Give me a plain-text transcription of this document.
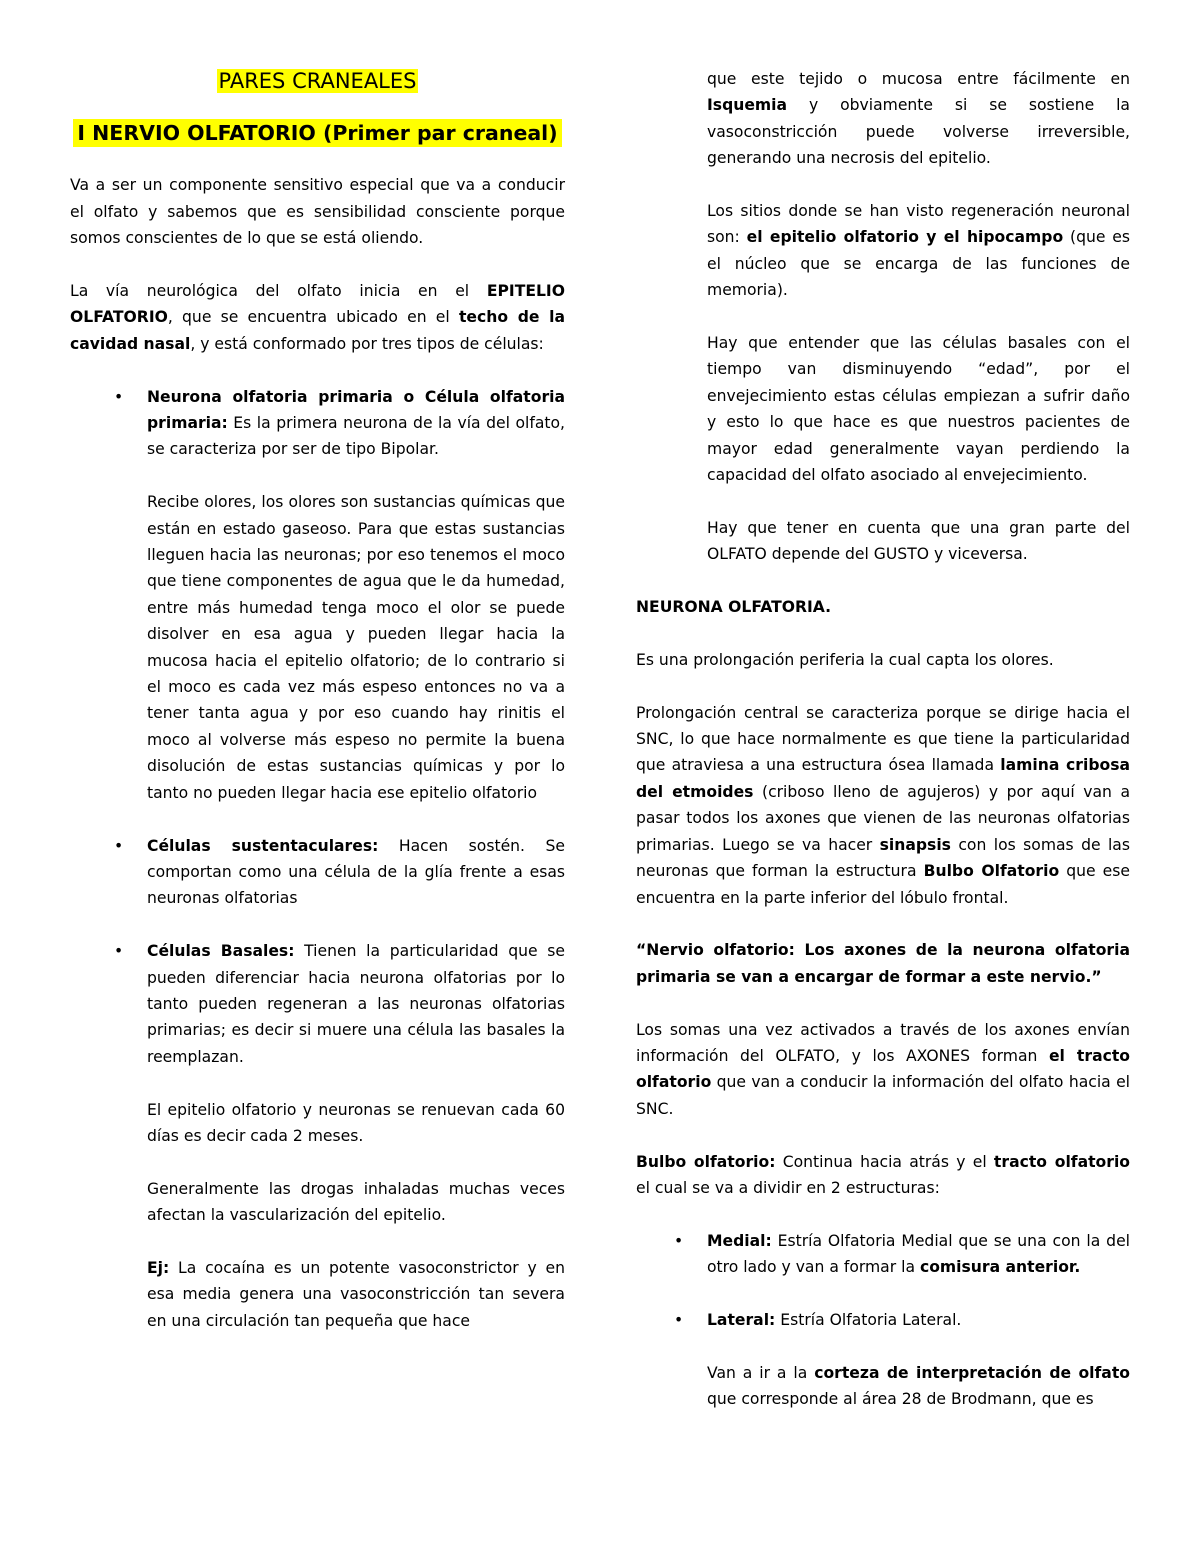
PARES CRANEALES
I NERVIO OLFATORIO (Primer par craneal)

Va a ser un componente sensitivo especial que va a conducir el olfato y sabemos que es sensibilidad consciente porque somos conscientes de lo que se está oliendo.

La vía neurológica del olfato inicia en el EPITELIO OLFATORIO, que se encuentra ubicado en el techo de la cavidad nasal, y está conformado por tres tipos de células:

• Neurona olfatoria primaria o Célula olfatoria primaria: Es la primera neurona de la vía del olfato, se caracteriza por ser de tipo Bipolar.

Recibe olores, los olores son sustancias químicas que están en estado gaseoso. Para que estas sustancias lleguen hacia las neuronas; por eso tenemos el moco que tiene componentes de agua que le da humedad, entre más humedad tenga moco el olor se puede disolver en esa agua y pueden llegar hacia la mucosa hacia el epitelio olfatorio; de lo contrario si el moco es cada vez más espeso entonces no va a tener tanta agua y por eso cuando hay rinitis el moco al volverse más espeso no permite la buena disolución de estas sustancias químicas y por lo tanto no pueden llegar hacia ese epitelio olfatorio

• Células sustentaculares: Hacen sostén. Se comportan como una célula de la glía frente a esas neuronas olfatorias

• Células Basales: Tienen la particularidad que se pueden diferenciar hacia neurona olfatorias por lo tanto pueden regeneran a las neuronas olfatorias primarias; es decir si muere una célula las basales la reemplazan.

El epitelio olfatorio y neuronas se renuevan cada 60 días es decir cada 2 meses.

Generalmente las drogas inhaladas muchas veces afectan la vascularización del epitelio.

Ej: La cocaína es un potente vasoconstrictor y en esa media genera una vasoconstricción tan severa en una circulación tan pequeña que hace

que este tejido o mucosa entre fácilmente en Isquemia y obviamente si se sostiene la vasoconstricción puede volverse irreversible, generando una necrosis del epitelio.

Los sitios donde se han visto regeneración neuronal son: el epitelio olfatorio y el hipocampo (que es el núcleo que se encarga de las funciones de memoria).

Hay que entender que las células basales con el tiempo van disminuyendo “edad”, por el envejecimiento estas células empiezan a sufrir daño y esto lo que hace es que nuestros pacientes de mayor edad generalmente vayan perdiendo la capacidad del olfato asociado al envejecimiento.

Hay que tener en cuenta que una gran parte del OLFATO depende del GUSTO y viceversa.

NEURONA OLFATORIA.

Es una prolongación periferia la cual capta los olores.

Prolongación central se caracteriza porque se dirige hacia el SNC, lo que hace normalmente es que tiene la particularidad que atraviesa a una estructura ósea llamada lamina cribosa del etmoides (criboso lleno de agujeros) y por aquí van a pasar todos los axones que vienen de las neuronas olfatorias primarias. Luego se va hacer sinapsis con los somas de las neuronas que forman la estructura Bulbo Olfatorio que ese encuentra en la parte inferior del lóbulo frontal.

“Nervio olfatorio: Los axones de la neurona olfatoria primaria se van a encargar de formar a este nervio.”

Los somas una vez activados a través de los axones envían información del OLFATO, y los AXONES forman el tracto olfatorio que van a conducir la información del olfato hacia el SNC.

Bulbo olfatorio: Continua hacia atrás y el tracto olfatorio el cual se va a dividir en 2 estructuras:

• Medial: Estría Olfatoria Medial que se una con la del otro lado y van a formar la comisura anterior.

• Lateral: Estría Olfatoria Lateral.

Van a ir a la corteza de interpretación de olfato que corresponde al área 28 de Brodmann, que es
